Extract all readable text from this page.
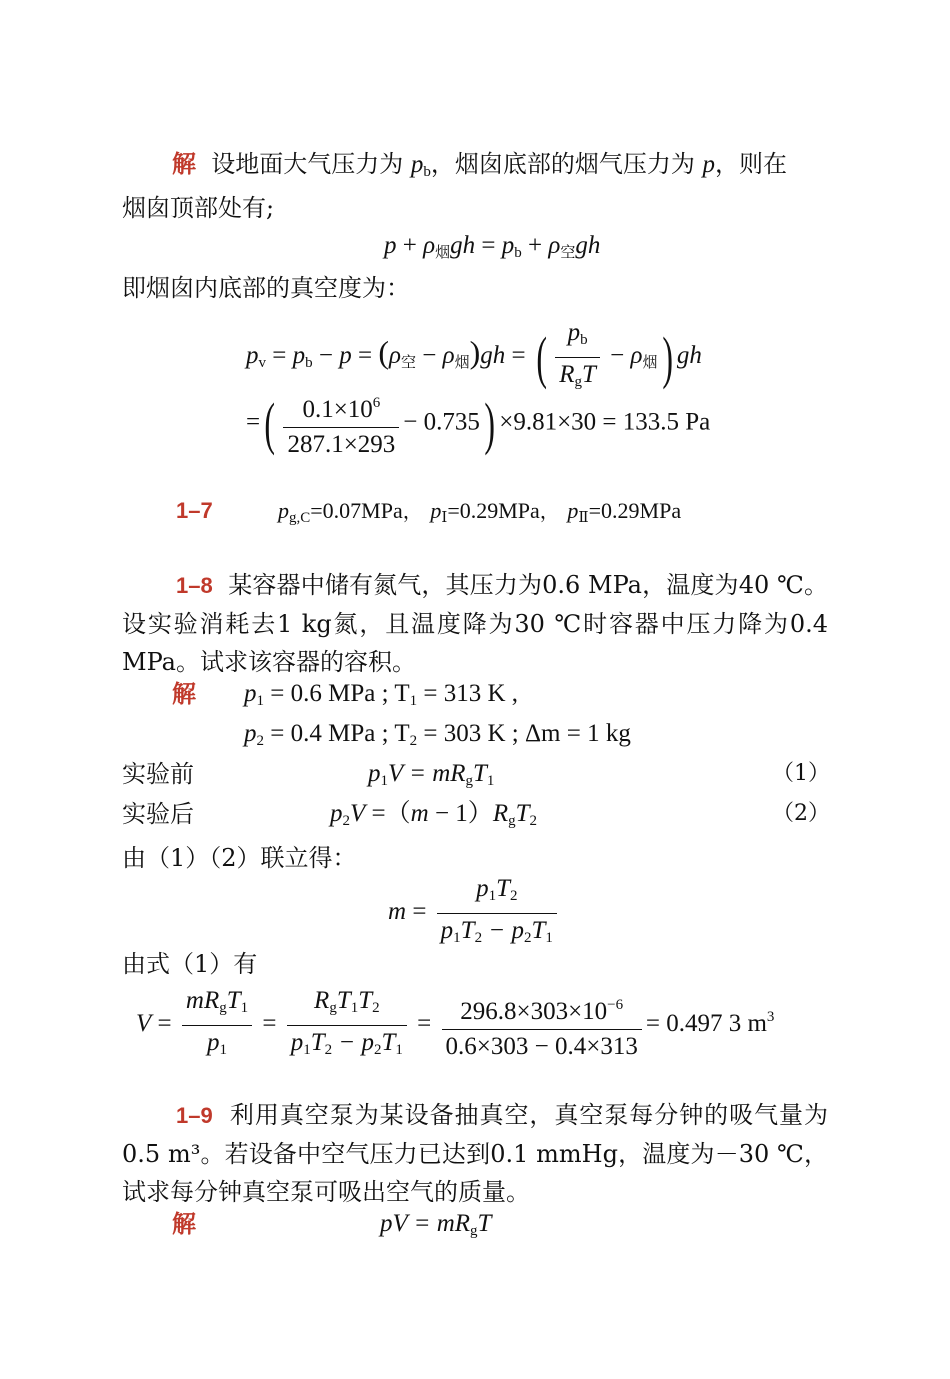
解 设地面大气压力为 $p_b$，烟囱底部的烟气压力为 p，则在
烟囱顶部处有;
$p + \rho_烟gh = p_b + \rho_空gh$
即烟囱内底部的真空度为：
$p_v = p_b - p = (\rho_空 - \rho_烟)gh$ = ( $\frac{p_b}{R_gT} - \rho_烟$) gh
=( $\frac{0.1\times 10^6}{287.1\times 293} - 0.735) \times 9.81\times 30 = 133.5$ Pa
1–7	$p_{g,C}=0.07MPa$， $p_Ⅰ=0.29MPa$， $p_Ⅱ=0.29MPa$
1–8 某容器中储有氮气，其压力为0.6 MPa，温度为40 ℃。设实验消耗去1 kg氮，且温度降为30 ℃时容器中压力降为0.4 MPa。试求该容器的容积。
解 $p_1 = 0.6$ MPa ; $T_1 = 313$ K ,
$p_2 = 0.4$ MPa ; $T_2 = 303$ K ; Δm = 1 kg
实验前	$p_1V = mR_gT_1$	（1）
实验后	$p_2V =(m - 1)R_gT_2$	（2）
由（1）（2）联立得：
$m = \frac{p_1T_2}{p_1T_2 - p_2T_1}$
由式（1）有
$V = \frac{mR_gT_1}{p_1} = \frac{R_gT_1T_2}{p_1T_2 - p_2T_1} = \frac{296.8\times 303\times 10^{-6}}{0.6\times 303 - 0.4\times 313} = 0.497$ 3 $m^3$
1–9 利用真空泵为某设备抽真空，真空泵每分钟的吸气量为0.5 m³。若设备中空气压力已达到0.1 mmHg，温度为－30 ℃，试求每分钟真空泵可吸出空气的质量。
解	pV = $mR_gT$
